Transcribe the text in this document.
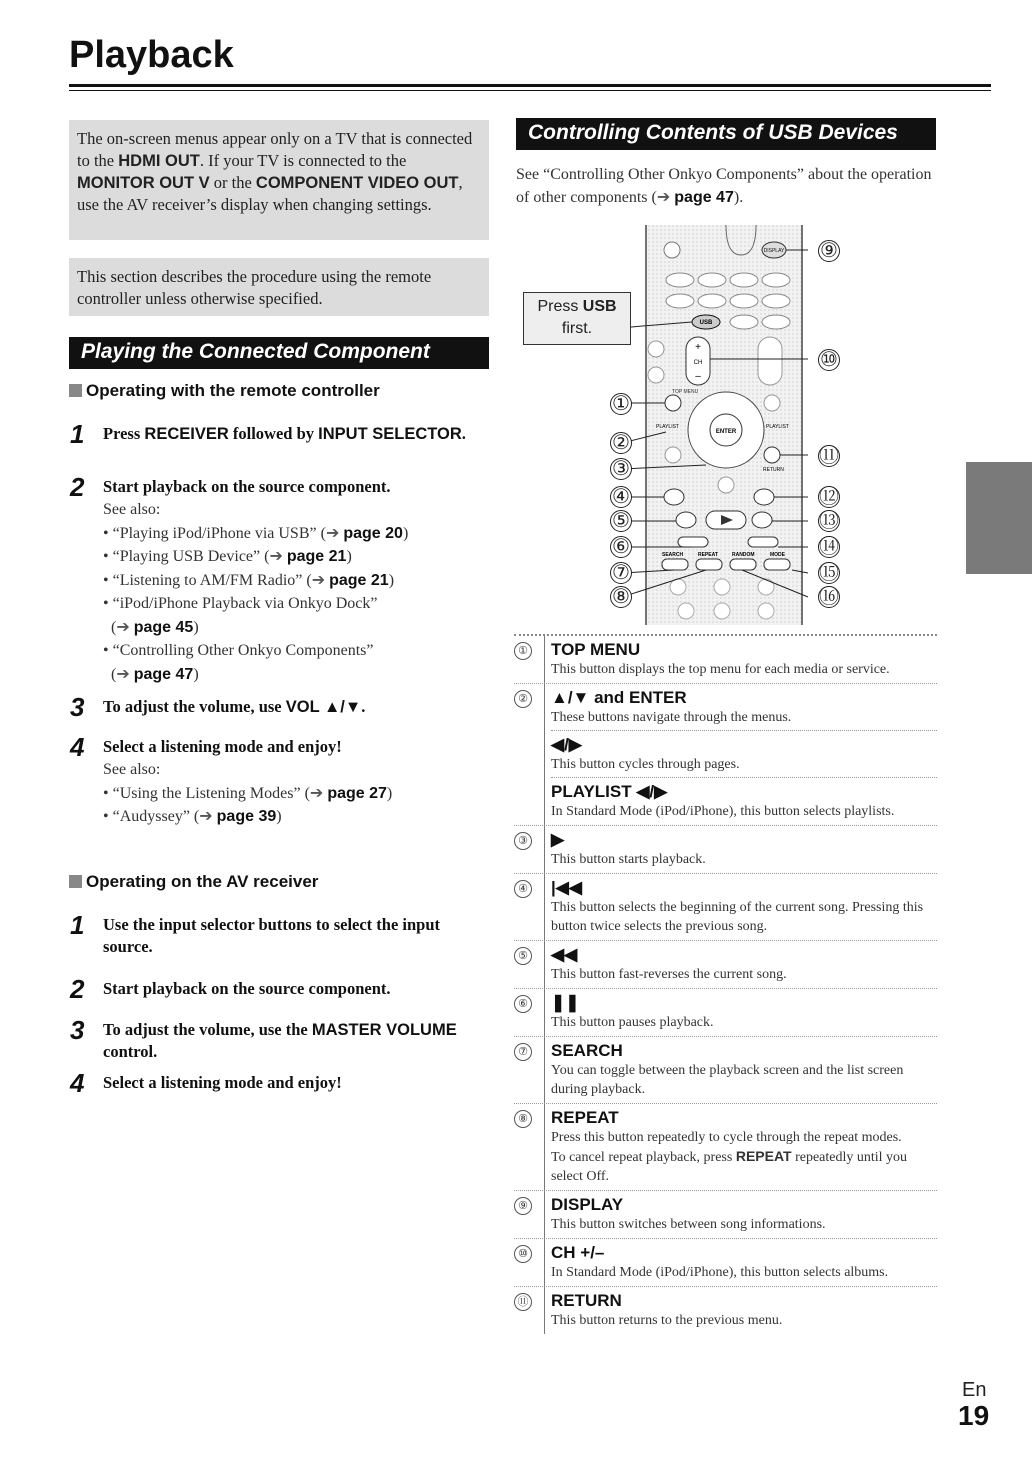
Playback
The on-screen menus appear only on a TV that is connected to the HDMI OUT. If your TV is connected to the MONITOR OUT V or the COMPONENT VIDEO OUT, use the AV receiver’s display when changing settings.
This section describes the procedure using the remote controller unless otherwise specified.
Playing the Connected Component
Operating with the remote controller
1 Press RECEIVER followed by INPUT SELECTOR.
2 Start playback on the source component.
See also:
• “Playing iPod/iPhone via USB” (➔ page 20)
• “Playing USB Device” (➔ page 21)
• “Listening to AM/FM Radio” (➔ page 21)
• “iPod/iPhone Playback via Onkyo Dock”
(➔ page 45)
• “Controlling Other Onkyo Components”
(➔ page 47)
3 To adjust the volume, use VOL ▲/▼.
4 Select a listening mode and enjoy!
See also:
• “Using the Listening Modes” (➔ page 27)
• “Audyssey” (➔ page 39)
Operating on the AV receiver
1 Use the input selector buttons to select the input source.
2 Start playback on the source component.
3 To adjust the volume, use the MASTER VOLUME control.
4 Select a listening mode and enjoy!
Controlling Contents of USB Devices
See “Controlling Other Onkyo Components” about the operation of other components (➔ page 47).
DISPLAY
USB
+
CH
–
TOP MENU
ENTER
PLAYLIST	PLAYLIST
RETURN
SEARCH	REPEAT	RANDOM	MODE
①
②
③
④
⑤
⑥
⑦
⑧
⑨
⑩
⑪
⑫
⑬
⑭
⑮
⑯
Press USB
first.
① TOP MENU
This button displays the top menu for each media or service.
② ▲/▼ and ENTER
These buttons navigate through the menus.
◀/▶
This button cycles through pages.
PLAYLIST ◀/▶
In Standard Mode (iPod/iPhone), this button selects playlists.
③ ▶
This button starts playback.
④ |◀◀
This button selects the beginning of the current song. Pressing this button twice selects the previous song.
⑤ ◀◀
This button fast-reverses the current song.
⑥ ❚❚
This button pauses playback.
⑦ SEARCH
You can toggle between the playback screen and the list screen during playback.
⑧ REPEAT
Press this button repeatedly to cycle through the repeat modes.
To cancel repeat playback, press REPEAT repeatedly until you select Off.
⑨ DISPLAY
This button switches between song informations.
⑩ CH +/–
In Standard Mode (iPod/iPhone), this button selects albums.
⑪ RETURN
This button returns to the previous menu.
En
19
